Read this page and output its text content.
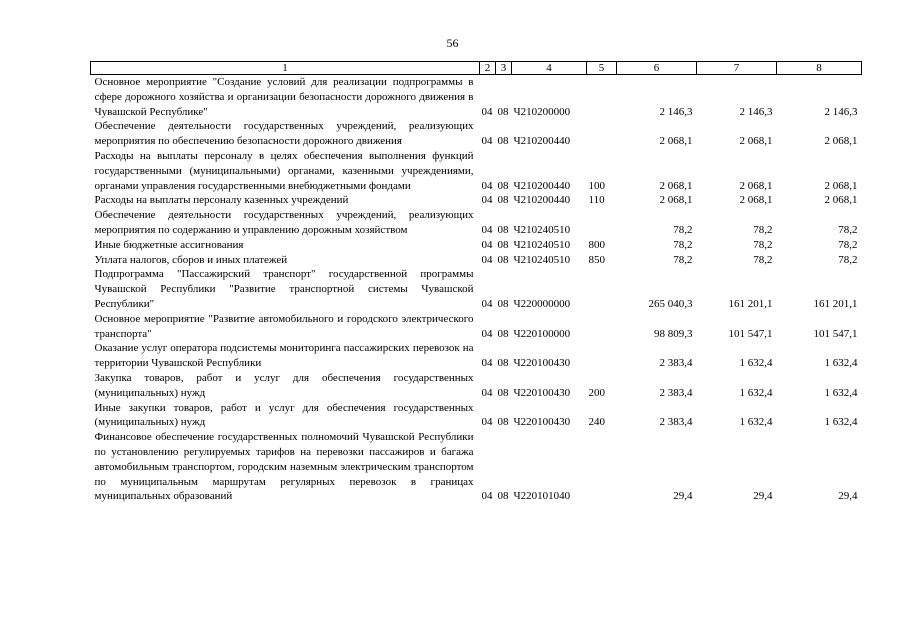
56
1	2	3	4	5	6	7	8
Основное мероприятие "Создание условий для реализации подпрограммы в сфере дорожного хозяйства и организации безопасности дорожного движения в Чувашской Республике"	04	08	Ч210200000		2 146,3	2 146,3	2 146,3
Обеспечение деятельности государственных учреждений, реализующих мероприятия по обеспечению безопасности дорожного движения	04	08	Ч210200440		2 068,1	2 068,1	2 068,1
Расходы на выплаты персоналу в целях обеспечения выполнения функций государственными (муниципальными) органами, казенными учреждениями, органами управления государственными внебюджетными фондами	04	08	Ч210200440	100	2 068,1	2 068,1	2 068,1
Расходы на выплаты персоналу казенных учреждений	04	08	Ч210200440	110	2 068,1	2 068,1	2 068,1
Обеспечение деятельности государственных учреждений, реализующих мероприятия по содержанию и управлению дорожным хозяйством	04	08	Ч210240510		78,2	78,2	78,2
Иные бюджетные ассигнования	04	08	Ч210240510	800	78,2	78,2	78,2
Уплата налогов, сборов и иных платежей	04	08	Ч210240510	850	78,2	78,2	78,2
Подпрограмма "Пассажирский транспорт" государственной программы Чувашской Республики "Развитие транспортной системы Чувашской Республики"	04	08	Ч220000000		265 040,3	161 201,1	161 201,1
Основное мероприятие "Развитие автомобильного и городского электрического транспорта"	04	08	Ч220100000		98 809,3	101 547,1	101 547,1
Оказание услуг оператора подсистемы мониторинга пассажирских перевозок на территории Чувашской Республики	04	08	Ч220100430		2 383,4	1 632,4	1 632,4
Закупка товаров, работ и услуг для обеспечения государственных (муниципальных) нужд	04	08	Ч220100430	200	2 383,4	1 632,4	1 632,4
Иные закупки товаров, работ и услуг для обеспечения государственных (муниципальных) нужд	04	08	Ч220100430	240	2 383,4	1 632,4	1 632,4
Финансовое обеспечение государственных полномочий Чувашской Республики по установлению регулируемых тарифов на перевозки пассажиров и багажа автомобильным транспортом, городским наземным электрическим транспортом по муниципальным маршрутам регулярных перевозок в границах муниципальных образований	04	08	Ч220101040		29,4	29,4	29,4
